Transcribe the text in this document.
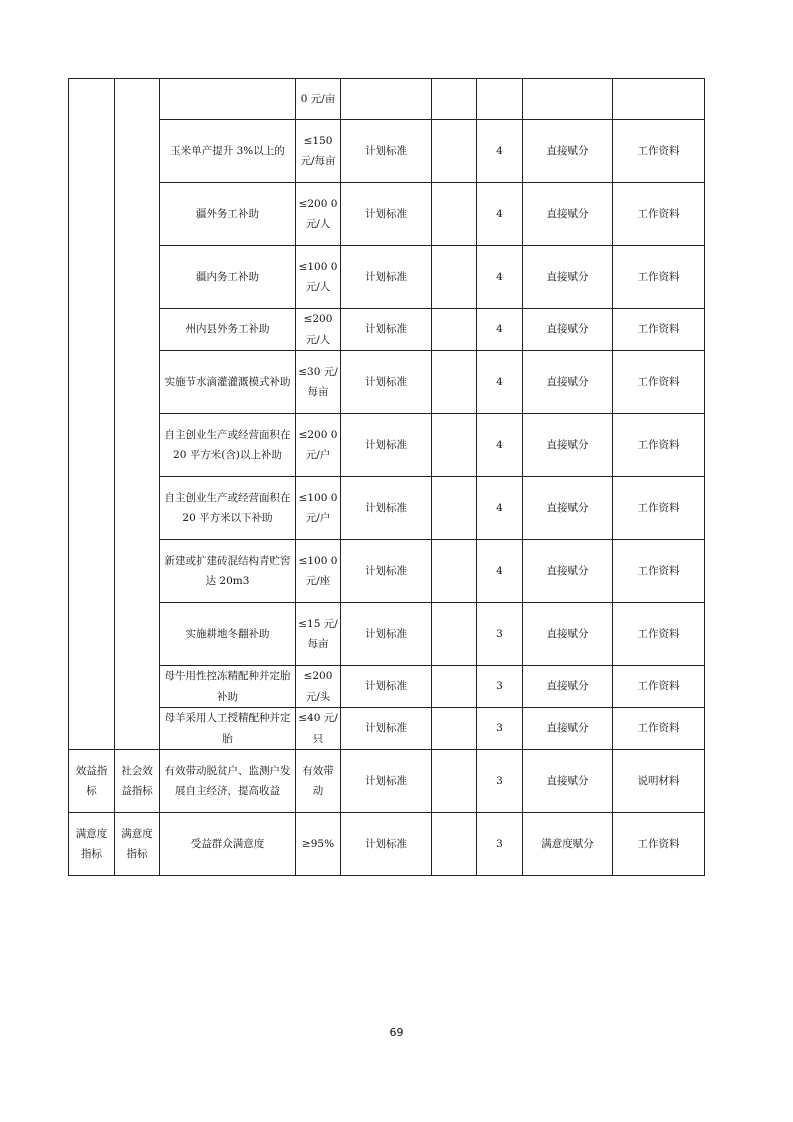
			0 元/亩					
		玉米单产提升 3%以上的	≤150 元/每亩	计划标准		4	直接赋分	工作资料
		疆外务工补助	≤200 0 元/人	计划标准		4	直接赋分	工作资料
		疆内务工补助	≤100 0 元/人	计划标准		4	直接赋分	工作资料
		州内县外务工补助	≤200 元/人	计划标准		4	直接赋分	工作资料
		实施节水滴灌灌溉模式补助	≤30 元/每亩	计划标准		4	直接赋分	工作资料
		自主创业生产或经营面积在 20 平方米(含)以上补助	≤200 0 元/户	计划标准		4	直接赋分	工作资料
		自主创业生产或经营面积在 20 平方米以下补助	≤100 0 元/户	计划标准		4	直接赋分	工作资料
		新建或扩建砖混结构青贮窖达 20m3	≤100 0 元/座	计划标准		4	直接赋分	工作资料
		实施耕地冬翻补助	≤15 元/每亩	计划标准		3	直接赋分	工作资料
		母牛用性控冻精配种并定胎补助	≤200 元/头	计划标准		3	直接赋分	工作资料
		母羊采用人工授精配种并定胎	≤40 元/只	计划标准		3	直接赋分	工作资料
效益指标	社会效益指标	有效带动脱贫户、监测户发展自主经济，提高收益	有效带动	计划标准		3	直接赋分	说明材料
满意度指标	满意度指标	受益群众满意度	≥95%	计划标准		3	满意度赋分	工作资料
69
